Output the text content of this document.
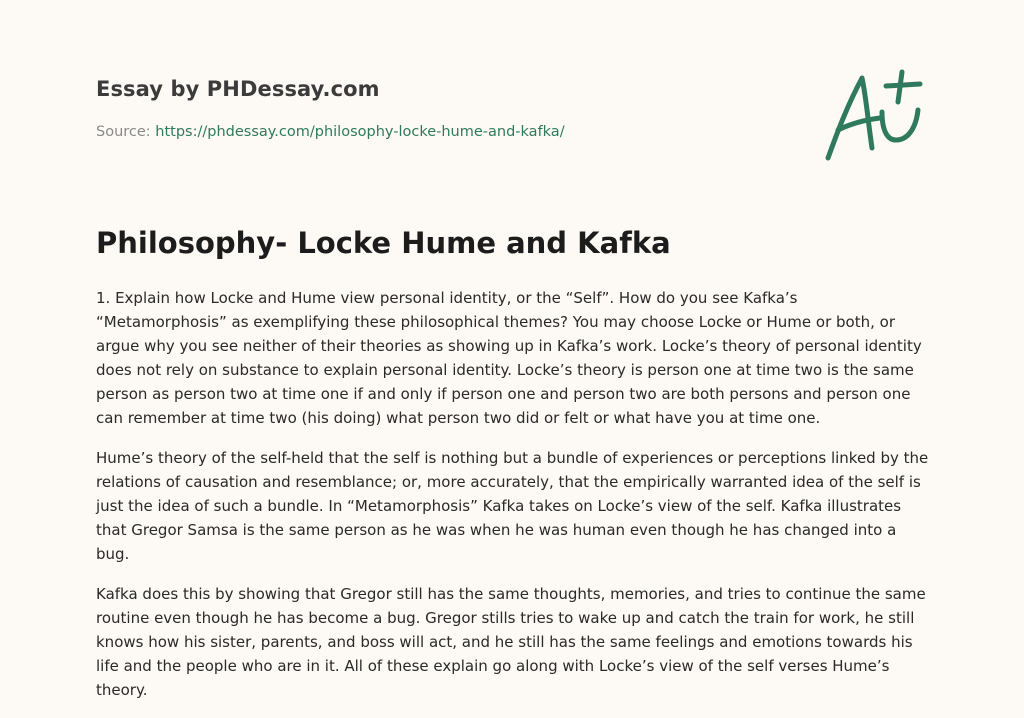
Essay by PHDessay.com
Source: https://phdessay.com/philosophy-locke-hume-and-kafka/
Philosophy- Locke Hume and Kafka

1. Explain how Locke and Hume view personal identity, or the “Self”. How do you see Kafka’s “Metamorphosis” as exemplifying these philosophical themes? You may choose Locke or Hume or both, or argue why you see neither of their theories as showing up in Kafka’s work. Locke’s theory of personal identity does not rely on substance to explain personal identity. Locke’s theory is person one at time two is the same person as person two at time one if and only if person one and person two are both persons and person one can remember at time two (his doing) what person two did or felt or what have you at time one.

Hume’s theory of the self-held that the self is nothing but a bundle of experiences or perceptions linked by the relations of causation and resemblance; or, more accurately, that the empirically warranted idea of the self is just the idea of such a bundle. In “Metamorphosis” Kafka takes on Locke’s view of the self. Kafka illustrates that Gregor Samsa is the same person as he was when he was human even though he has changed into a bug.

Kafka does this by showing that Gregor still has the same thoughts, memories, and tries to continue the same routine even though he has become a bug. Gregor stills tries to wake up and catch the train for work, he still knows how his sister, parents, and boss will act, and he still has the same feelings and emotions towards his life and the people who are in it. All of these explain go along with Locke’s view of the self verses Hume’s theory.
